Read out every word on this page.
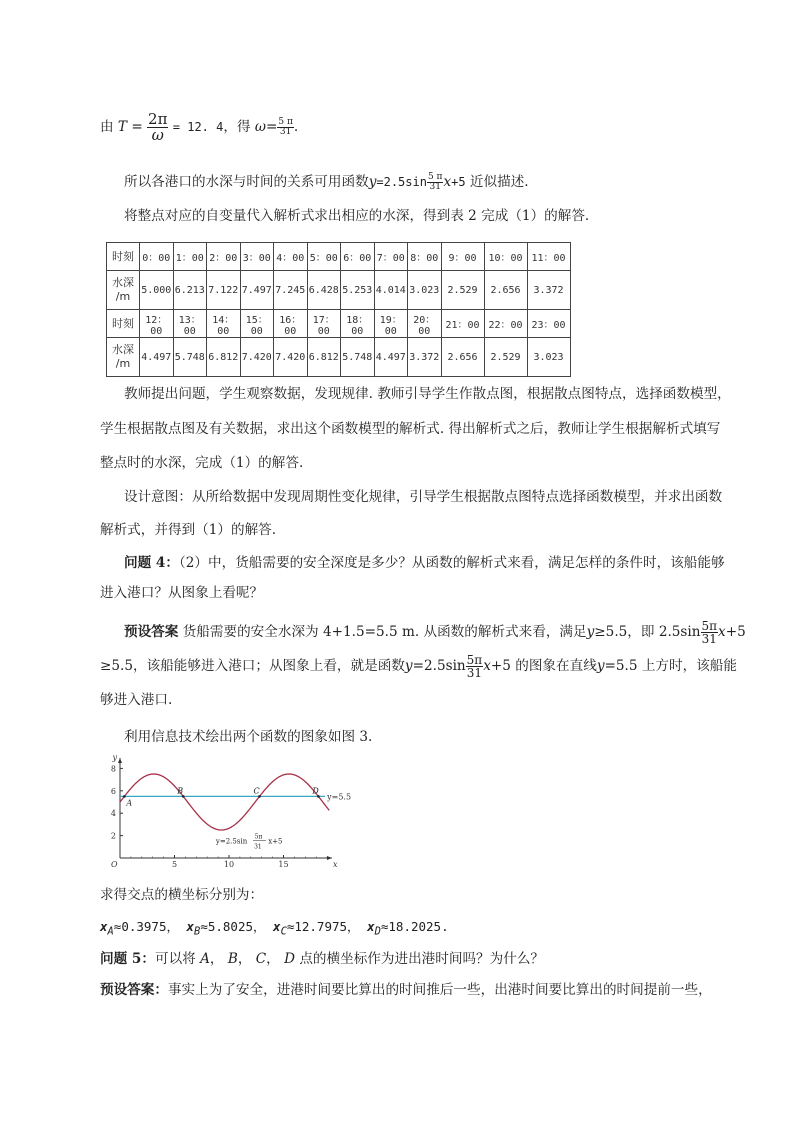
由 $T = \frac{2\pi}{\omega} = 12$. 4，得 $\omega= \frac{5 \pi}{31}$ .
所以各港口的水深与时间的关系可用函数$y=2.5\sin \frac{5 \pi}{31} x+5$ 近似描述.
将整点对应的自变量代入解析式求出相应的水深，得到表 2 完成（1）的解答.
时刻	0：00	1：00	2：00	3：00	4：00	5：00	6：00	7：00	8：00	9：00	10：00	11：00
水深
/m	5.000	6.213	7.122	7.497	7.245	6.428	5.253	4.014	3.023	2.529	2.656	3.372
时刻	12：00	13：00	14：00	15：00	16：00	17：00	18：00	19：00	20：00	21：00	22：00	23：00
水深
/m	4.497	5.748	6.812	7.420	7.420	6.812	5.748	4.497	3.372	2.656	2.529	3.023
教师提出问题，学生观察数据，发现规律. 教师引导学生作散点图，根据散点图特点，选择函数模型，
学生根据散点图及有关数据，求出这个函数模型的解析式. 得出解析式之后，教师让学生根据解析式填写
整点时的水深，完成（1）的解答.
设计意图：从所给数据中发现周期性变化规律，引导学生根据散点图特点选择函数模型，并求出函数
解析式，并得到（1）的解答.
问题 4：（2）中，货船需要的安全深度是多少？从函数的解析式来看，满足怎样的条件时，该船能够
进入港口？从图象上看呢？
预设答案 货船需要的安全水深为 4+1.5=5.5 m. 从函数的解析式来看，满足y≥5.5，即 $2.5\sin \frac{5\pi}{31} x+5$
≥5.5，该船能够进入港口；从图象上看，就是函数$y=2.5\sin \frac{5\pi}{31} x+5$ 的图象在直线y=5.5 上方时，该船能
够进入港口.
利用信息技术绘出两个函数的图象如图 3.
8
6
4
2
5	10	15
y
x
O
y=5.5
A
B	C	D
y=2.5sin
5π
31
x+5
求得交点的横坐标分别为：
$x_A\approx 0.3975$， $x_B\approx 5.8025$， $x_C\approx 12.7975$， $x_D\approx 18.2025$.
问题 5：可以将 A， B， C， D 点的横坐标作为进出港时间吗？为什么？
预设答案：事实上为了安全，进港时间要比算出的时间推后一些，出港时间要比算出的时间提前一些，
